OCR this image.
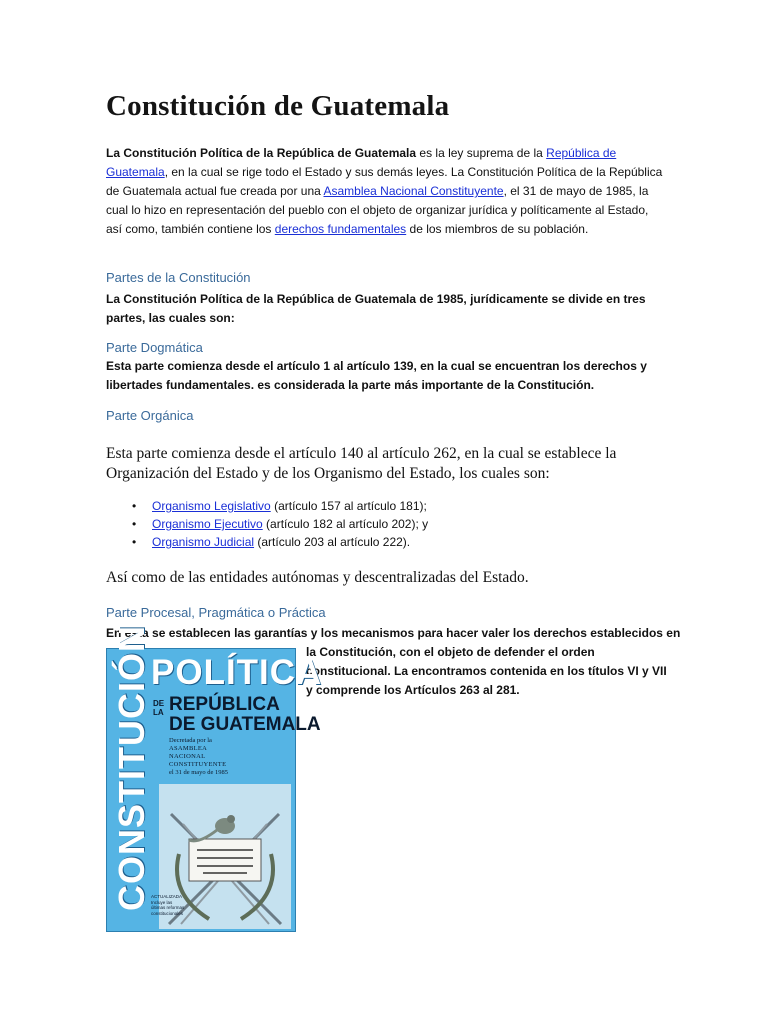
Constitución de Guatemala

La Constitución Política de la República de Guatemala es la ley suprema de la República de Guatemala, en la cual se rige todo el Estado y sus demás leyes. La Constitución Política de la República de Guatemala actual fue creada por una Asamblea Nacional Constituyente, el 31 de mayo de 1985, la cual lo hizo en representación del pueblo con el objeto de organizar jurídica y políticamente al Estado, así como, también contiene los derechos fundamentales de los miembros de su población.

Partes de la Constitución

La Constitución Política de la República de Guatemala de 1985, jurídicamente se divide en tres partes, las cuales son:

Parte Dogmática

Esta parte comienza desde el artículo 1 al artículo 139, en la cual se encuentran los derechos y libertades fundamentales. es considerada la parte más importante de la Constitución.

Parte Orgánica

Esta parte comienza desde el artículo 140 al artículo 262, en la cual se establece la Organización del Estado y de los Organismo del Estado, los cuales son:

• Organismo Legislativo (artículo 157 al artículo 181);
• Organismo Ejecutivo (artículo 182 al artículo 202); y
• Organismo Judicial (artículo 203 al artículo 222).

Así como de las entidades autónomas y descentralizadas del Estado.

Parte Procesal, Pragmática o Práctica

En ésta se establecen las garantías y los mecanismos para hacer valer los derechos establecidos en

la Constitución, con el objeto de defender el orden

constitucional. La encontramos contenida en los títulos VI y VII

y comprende los Artículos 263 al 281.

CONSTITUCIÓN POLÍTICA
DE LA REPÚBLICA
DE GUATEMALA
Decretada por la
ASAMBLEA
NACIONAL
CONSTITUYENTE
el 31 de mayo de 1985
ACTUALIZADA
Incluye las
últimas reformas
constitucionales
